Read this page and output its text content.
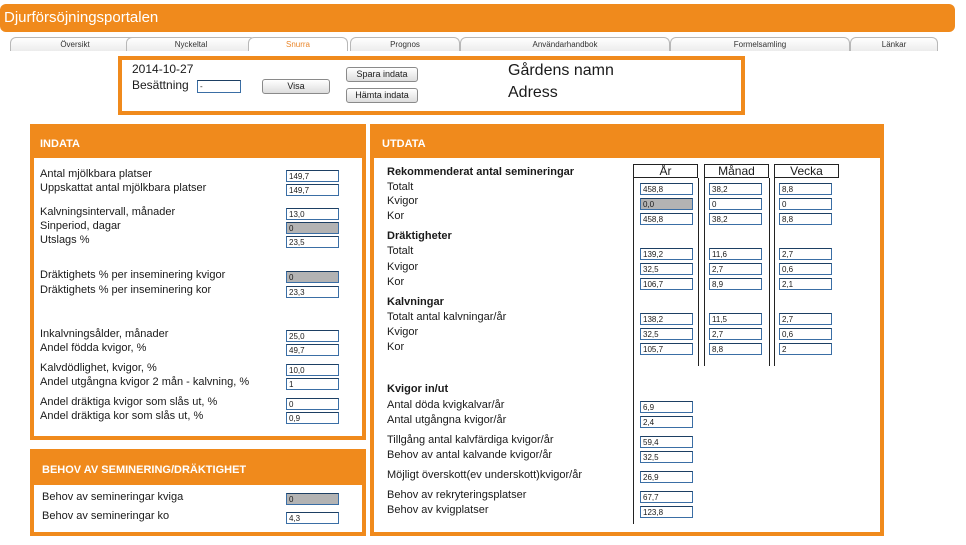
Djurförsöjningsportalen
Översikt	Nyckeltal	Snurra	Prognos	Användarhandbok	Formelsamling	Länkar
2014-10-27
Besättning	-	Visa
Spara indata
Hämta indata
Gårdens namn
Adress
INDATA
Antal mjölkbara platser	149,7
Uppskattat antal mjölkbara platser	149,7
Kalvningsintervall, månader	13,0
Sinperiod, dagar	0
Utslags %	23,5
Dräktighets % per inseminering kvigor	0
Dräktighets % per inseminering kor	23,3
Inkalvningsålder, månader	25,0
Andel födda kvigor, %	49,7
Kalvdödlighet, kvigor, %	10,0
Andel utgångna kvigor 2 mån - kalvning, %	1
Andel dräktiga kvigor som slås ut, %	0
Andel dräktiga kor som slås ut, %	0,9
BEHOV AV SEMINERING/DRÄKTIGHET
Behov av semineringar kviga	0
Behov av semineringar ko	4,3
UTDATA
År	Månad	Vecka
Rekommenderat antal semineringar
Totalt	458,8	38,2	8,8
Kvigor	0,0	0	0
Kor	458,8	38,2	8,8
Dräktigheter
Totalt	139,2	11,6	2,7
Kvigor	32,5	2,7	0,6
Kor	106,7	8,9	2,1
Kalvningar
Totalt antal kalvningar/år	138,2	11,5	2,7
Kvigor	32,5	2,7	0,6
Kor	105,7	8,8	2
Kvigor in/ut
Antal döda kvigkalvar/år	6,9
Antal utgångna kvigor/år	2,4
Tillgång antal kalvfärdiga kvigor/år	59,4
Behov av antal kalvande kvigor/år	32,5
Möjligt överskott(ev underskott)kvigor/år	26,9
Behov av rekryteringsplatser	67,7
Behov av kvigplatser	123,8
